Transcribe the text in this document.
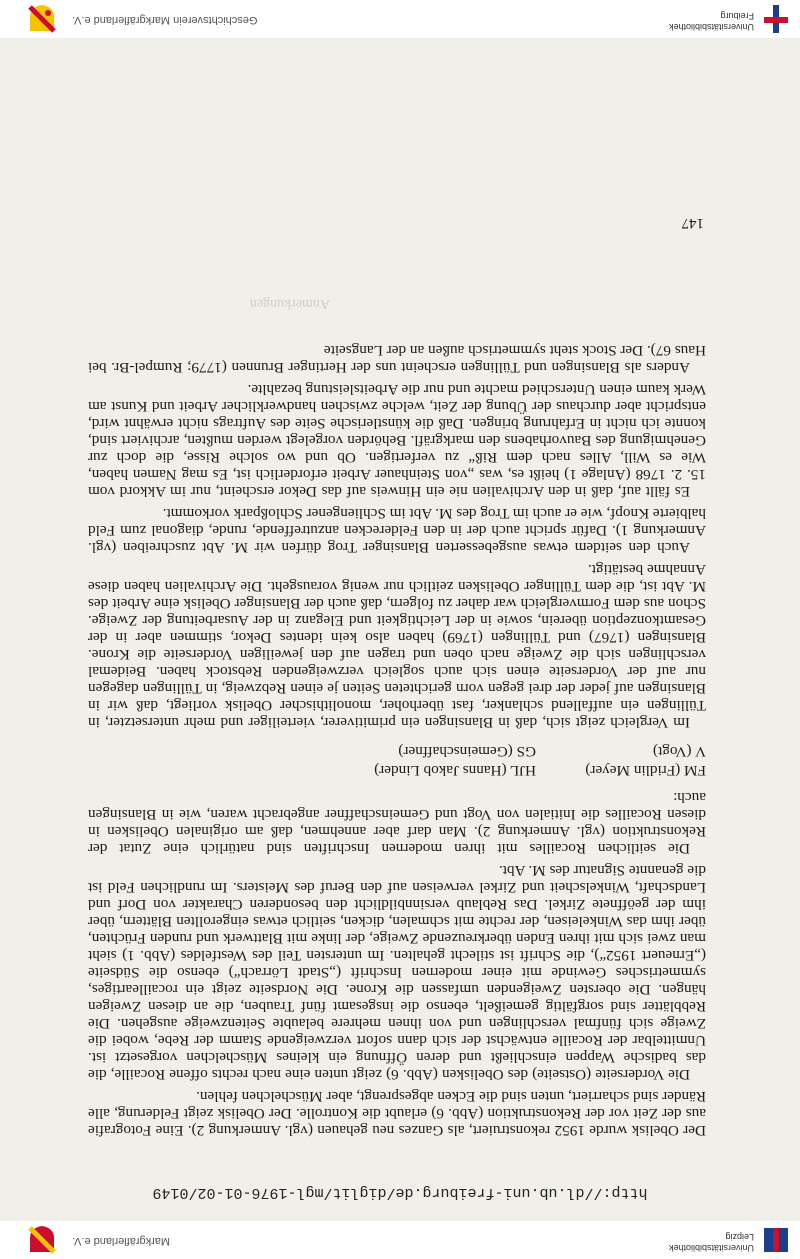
Universitätsbibliothek Leipzig
Markgräflerland e.V.

Der Obelisk wurde 1952 rekonstruiert, als Ganzes neu gehauen (vgl. Anmerkung 2). Eine Fotografie aus der Zeit vor der Rekonstruktion (Abb. 6) erlaubt die Kontrolle. Der Obelisk zeigt Felderung, alle Ränder sind scharriert, unten sind die Ecken abgesprengt, aber Müschelchen fehlen.

Die Vorderseite (Ostseite) des Obelisken (Abb. 6) zeigt unten eine nach rechts offene Rocaille, die das badische Wappen einschließt und deren Öffnung ein kleines Müschelchen vorgesetzt ist. Unmittelbar der Rocaille entwächst der sich dann sofort verzweigende Stamm der Rebe, wobei die Zweige sich fünfmal verschlingen und von ihnen mehrere belaubte Seitenzweige ausgehen. Die Rebblätter sind sorgfältig gemeißelt, ebenso die insgesamt fünf Trauben, die an diesen Zweigen hängen. Die obersten Zweigenden umfassen die Krone. Die Nordseite zeigt ein rocailleartiges, symmetrisches Gewinde mit einer modernen Inschrift („Stadt Lörrach“) ebenso die Südseite („Erneuert 1952“), die Schrift ist stilecht gehalten. Im untersten Teil des Westfeldes (Abb. 1) sieht man zwei sich mit ihren Enden überkreuzende Zweige, der linke mit Blattwerk und runden Früchten, über ihm das Winkeleisen, der rechte mit schmalen, dicken, seitlich etwas eingerollten Blättern, über ihm der geöffnete Zirkel. Das Reblaub versinnbildlicht den besonderen Charakter von Dorf und Landschaft, Winkelscheit und Zirkel verweisen auf den Beruf des Meisters. Im rundlichen Feld ist die genannte Signatur des M. Abt.

Die seitlichen Rocailles mit ihren modernen Inschriften sind natürlich eine Zutat der Rekonstruktion (vgl. Anmerkung 2). Man darf aber annehmen, daß am originalen Obelisken in diesen Rocailles die Initialen von Vogt und Gemeinschaffner angebracht waren, wie in Blansingen auch:

FM (Fridlin Meyer)
HJL (Hanns Jakob Linder)
V (Vogt)
GS (Gemeinschaffner)

Im Vergleich zeigt sich, daß in Blansingen ein primitiverer, vierteiliger und mehr untersetzter, in Tüllingen ein auffallend schlanker, fast überhoher, monolithischer Obelisk vorliegt, daß wir in Blansingen auf jeder der drei gegen vorn gerichteten Seiten je einen Rebzweig, in Tüllingen dagegen nur auf der Vorderseite einen sich auch sogleich verzweigenden Rebstock haben. Beidemal verschlingen sich die Zweige nach oben und tragen auf den jeweiligen Vorderseite die Krone. Blansingen (1767) und Tüllingen (1769) haben also kein identes Dekor, stimmen aber in der Gesamtkonzeption überein, sowie in der Leichtigkeit und Eleganz in der Ausarbeitung der Zweige. Schon aus dem Formvergleich war daher zu folgern, daß auch der Blansinger Obelisk eine Arbeit des M. Abt ist, die dem Tüllinger Obelisken zeitlich nur wenig vorausgeht. Die Archivalien haben diese Annahme bestätigt.

Auch den seitdem etwas ausgebesserten Blansinger Trog dürfen wir M. Abt zuschreiben (vgl. Anmerkung 1). Dafür spricht auch der in den Felderecken anzutreffende, runde, diagonal zum Feld halbierte Knopf, wie er auch im Trog des M. Abt im Schliengener Schloßpark vorkommt.

Es fällt auf, daß in den Archivalien nie ein Hinweis auf das Dekor erscheint, nur im Akkord vom 15. 2. 1768 (Anlage 1) heißt es, was „von Steinhauer Arbeit erforderlich ist, Es mag Namen haben, Wie es Will, Alles nach dem Riß“ zu verfertigen. Ob und wo solche Risse, die doch zur Genehmigung des Bauvorhabens den markgräfl. Behörden vorgelegt werden mußten, archiviert sind, konnte ich nicht in Erfahrung bringen. Daß die künstlerische Seite des Auftrags nicht erwähnt wird, entspricht aber durchaus der Übung der Zeit, welche zwischen handwerklicher Arbeit und Kunst am Werk kaum einen Unterschied machte und nur die Arbeitsleistung bezahlte.

Anders als Blansingen und Tüllingen erscheint uns der Hertinger Brunnen (1779; Rumpel-Br. bei Haus 67). Der Stock steht symmetrisch außen an der Langseite

Anmerkungen
147
http://dl.ub.uni-freiburg.de/diglit/mgl-1976-01-02/0149
Universitätsbibliothek Freiburg
Geschichtsverein Markgräflerland e.V.
